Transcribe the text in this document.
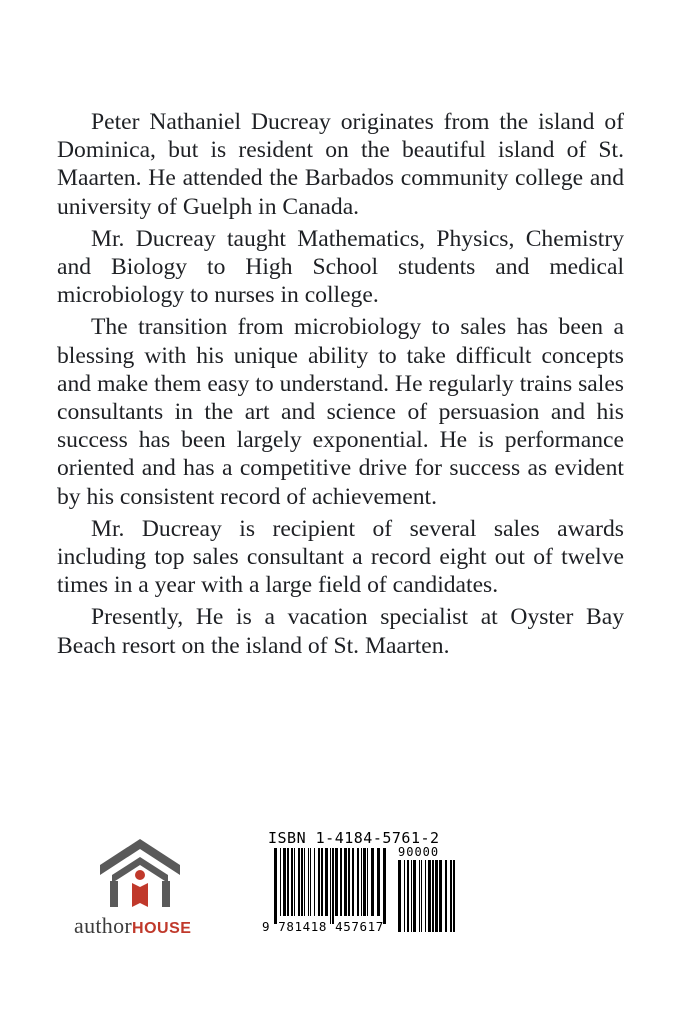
Peter Nathaniel Ducreay originates from the island of Dominica, but is resident on the beautiful island of St. Maarten. He attended the Barbados community college and university of Guelph in Canada.

Mr. Ducreay taught Mathematics, Physics, Chemistry and Biology to High School students and medical microbiology to nurses in college.

The transition from microbiology to sales has been a blessing with his unique ability to take difficult concepts and make them easy to understand. He regularly trains sales consultants in the art and science of persuasion and his success has been largely exponential. He is performance oriented and has a competitive drive for success as evident by his consistent record of achievement.

Mr. Ducreay is recipient of several sales awards including top sales consultant a record eight out of twelve times in a year with a large field of candidates.

Presently, He is a vacation specialist at Oyster Bay Beach resort on the island of St. Maarten.

authorHOUSE
ISBN 1-4184-5761-2
90000
9 781418 457617
